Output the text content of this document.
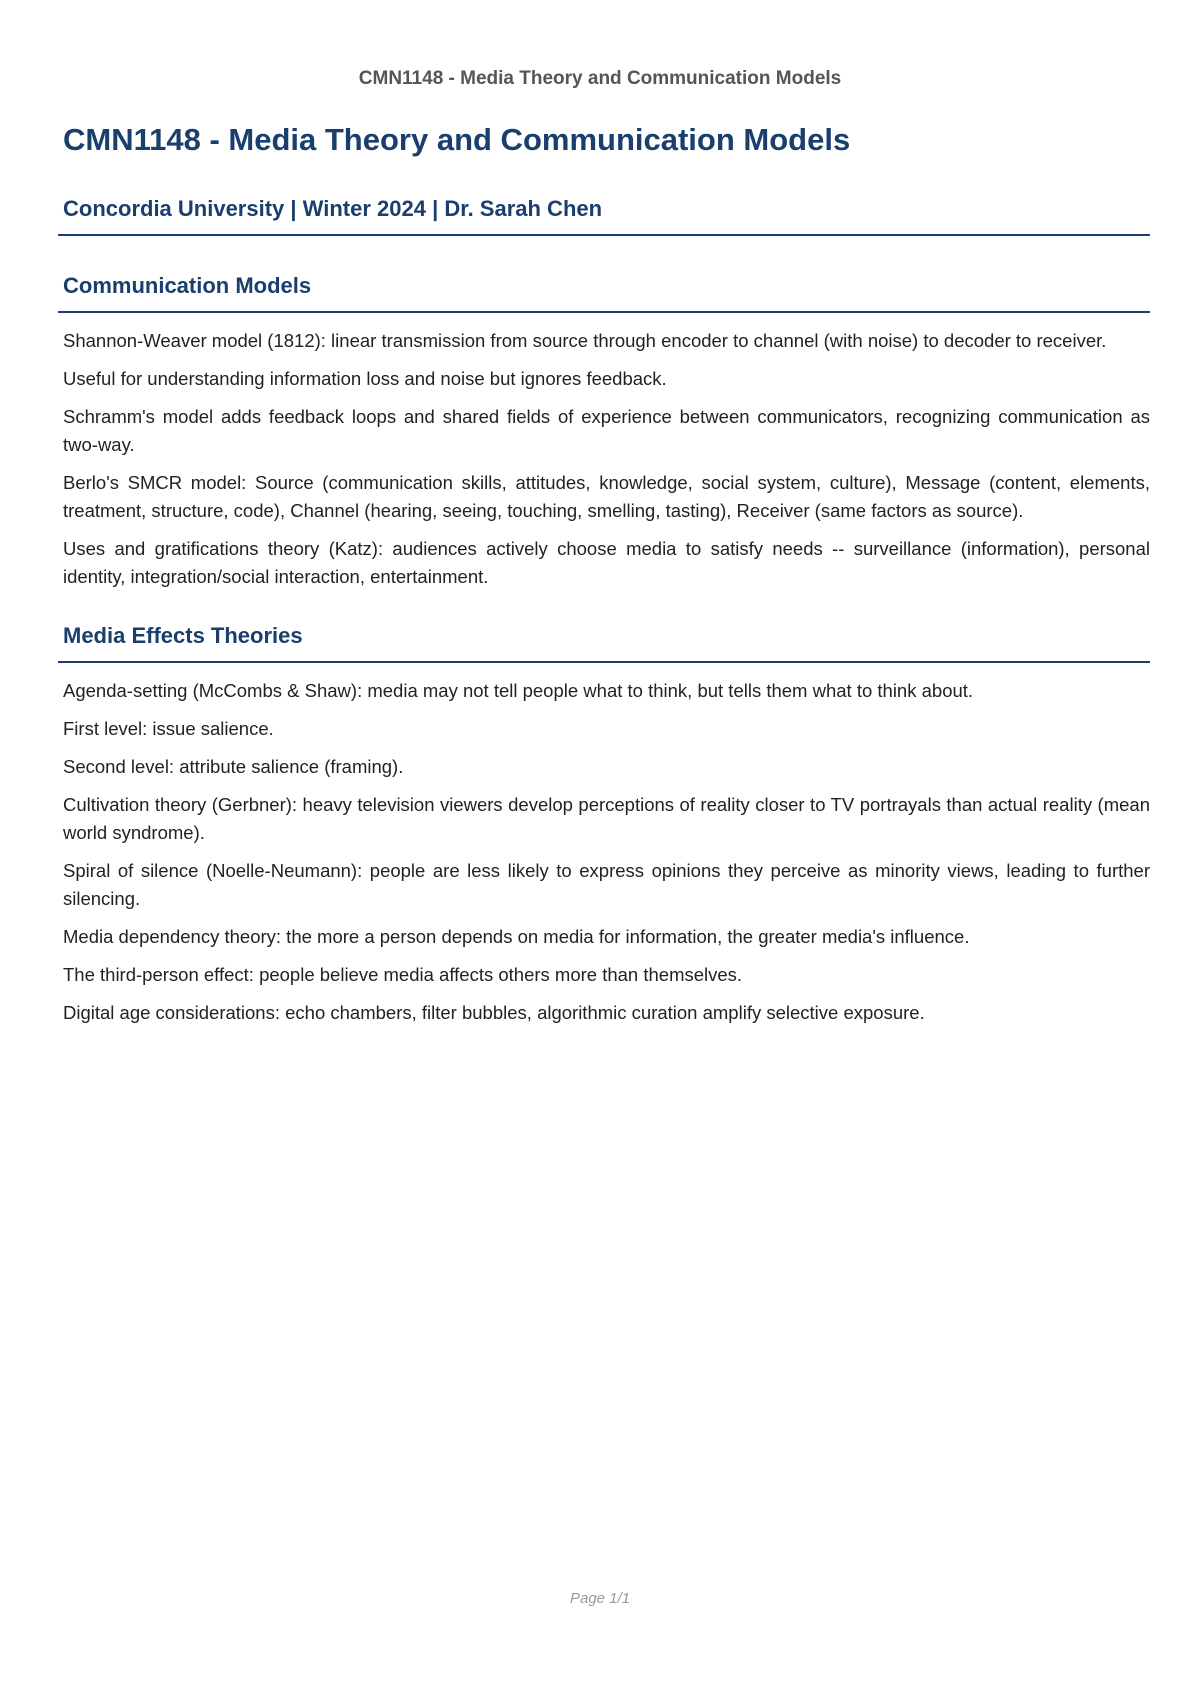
CMN1148 - Media Theory and Communication Models
CMN1148 - Media Theory and Communication Models
Concordia University | Winter 2024 | Dr. Sarah Chen
Communication Models

Shannon-Weaver model (1812): linear transmission from source through encoder to channel (with noise) to decoder to receiver.

Useful for understanding information loss and noise but ignores feedback.

Schramm's model adds feedback loops and shared fields of experience between communicators, recognizing communication as two-way.

Berlo's SMCR model: Source (communication skills, attitudes, knowledge, social system, culture), Message (content, elements, treatment, structure, code), Channel (hearing, seeing, touching, smelling, tasting), Receiver (same factors as source).

Uses and gratifications theory (Katz): audiences actively choose media to satisfy needs -- surveillance (information), personal identity, integration/social interaction, entertainment.

Media Effects Theories

Agenda-setting (McCombs & Shaw): media may not tell people what to think, but tells them what to think about.

First level: issue salience.

Second level: attribute salience (framing).

Cultivation theory (Gerbner): heavy television viewers develop perceptions of reality closer to TV portrayals than actual reality (mean world syndrome).

Spiral of silence (Noelle-Neumann): people are less likely to express opinions they perceive as minority views, leading to further silencing.

Media dependency theory: the more a person depends on media for information, the greater media's influence.

The third-person effect: people believe media affects others more than themselves.

Digital age considerations: echo chambers, filter bubbles, algorithmic curation amplify selective exposure.

Page 1/1
